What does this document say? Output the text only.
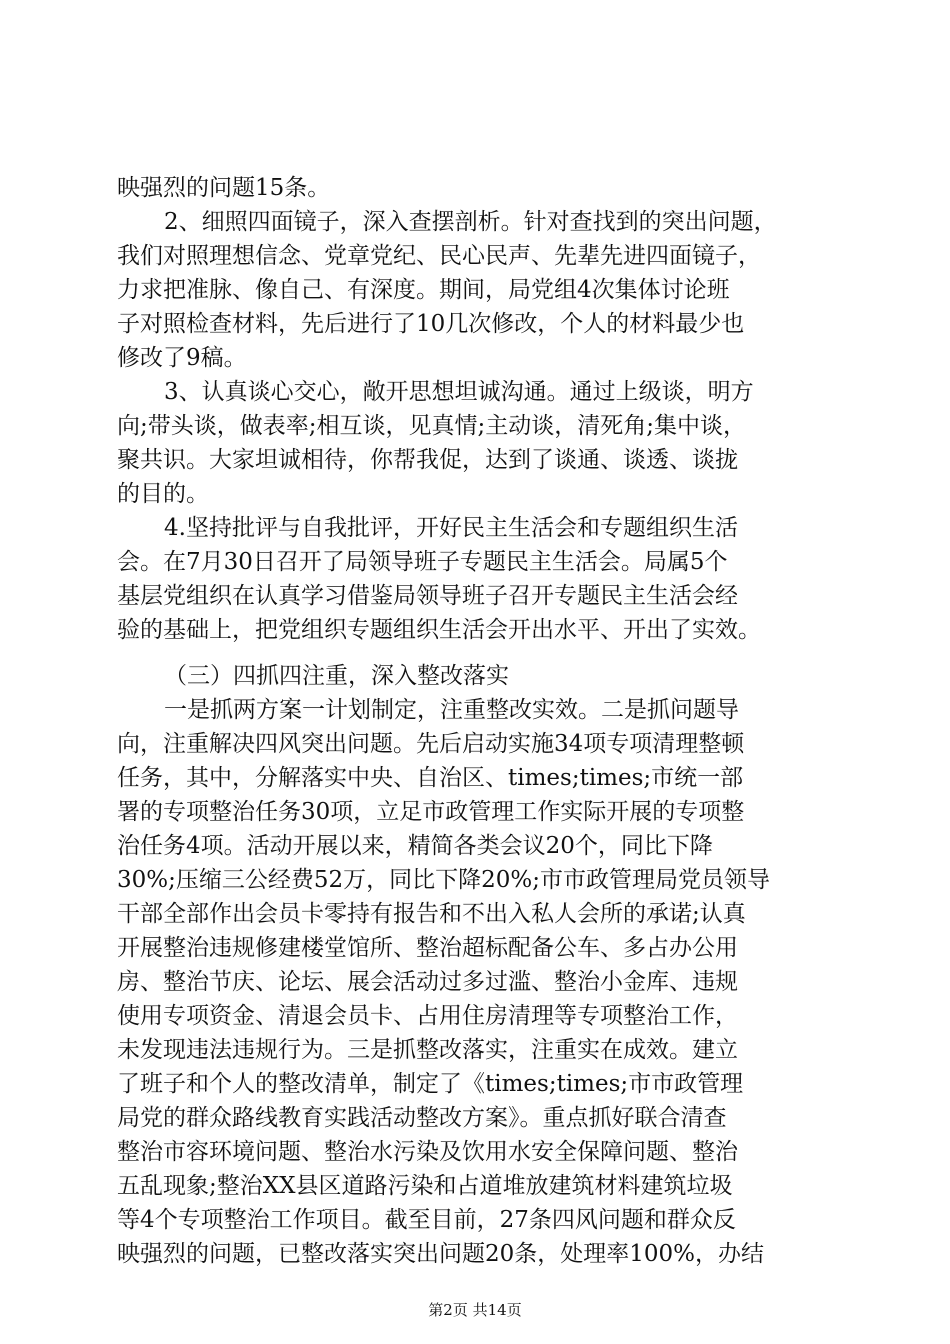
映强烈的问题15条。
2、细照四面镜子，深入查摆剖析。针对查找到的突出问题，
我们对照理想信念、党章党纪、民心民声、先辈先进四面镜子，
力求把准脉、像自己、有深度。期间，局党组4次集体讨论班
子对照检查材料，先后进行了10几次修改，个人的材料最少也
修改了9稿。
3、认真谈心交心，敞开思想坦诚沟通。通过上级谈，明方
向;带头谈，做表率;相互谈，见真情;主动谈，清死角;集中谈，
聚共识。大家坦诚相待，你帮我促，达到了谈通、谈透、谈拢
的目的。
4.坚持批评与自我批评，开好民主生活会和专题组织生活
会。在7月30日召开了局领导班子专题民主生活会。局属5个
基层党组织在认真学习借鉴局领导班子召开专题民主生活会经
验的基础上，把党组织专题组织生活会开出水平、开出了实效。
（三）四抓四注重，深入整改落实
一是抓两方案一计划制定，注重整改实效。二是抓问题导
向，注重解决四风突出问题。先后启动实施34项专项清理整顿
任务，其中，分解落实中央、自治区、times;times;市统一部
署的专项整治任务30项，立足市政管理工作实际开展的专项整
治任务4项。活动开展以来，精简各类会议20个，同比下降
30%;压缩三公经费52万，同比下降20%;市市政管理局党员领导
干部全部作出会员卡零持有报告和不出入私人会所的承诺;认真
开展整治违规修建楼堂馆所、整治超标配备公车、多占办公用
房、整治节庆、论坛、展会活动过多过滥、整治小金库、违规
使用专项资金、清退会员卡、占用住房清理等专项整治工作，
未发现违法违规行为。三是抓整改落实，注重实在成效。建立
了班子和个人的整改清单，制定了《times;times;市市政管理
局党的群众路线教育实践活动整改方案》。重点抓好联合清查
整治市容环境问题、整治水污染及饮用水安全保障问题、整治
五乱现象;整治XX县区道路污染和占道堆放建筑材料建筑垃圾
等4个专项整治工作项目。截至目前，27条四风问题和群众反
映强烈的问题，已整改落实突出问题20条，处理率100%，办结
第2页 共14页
